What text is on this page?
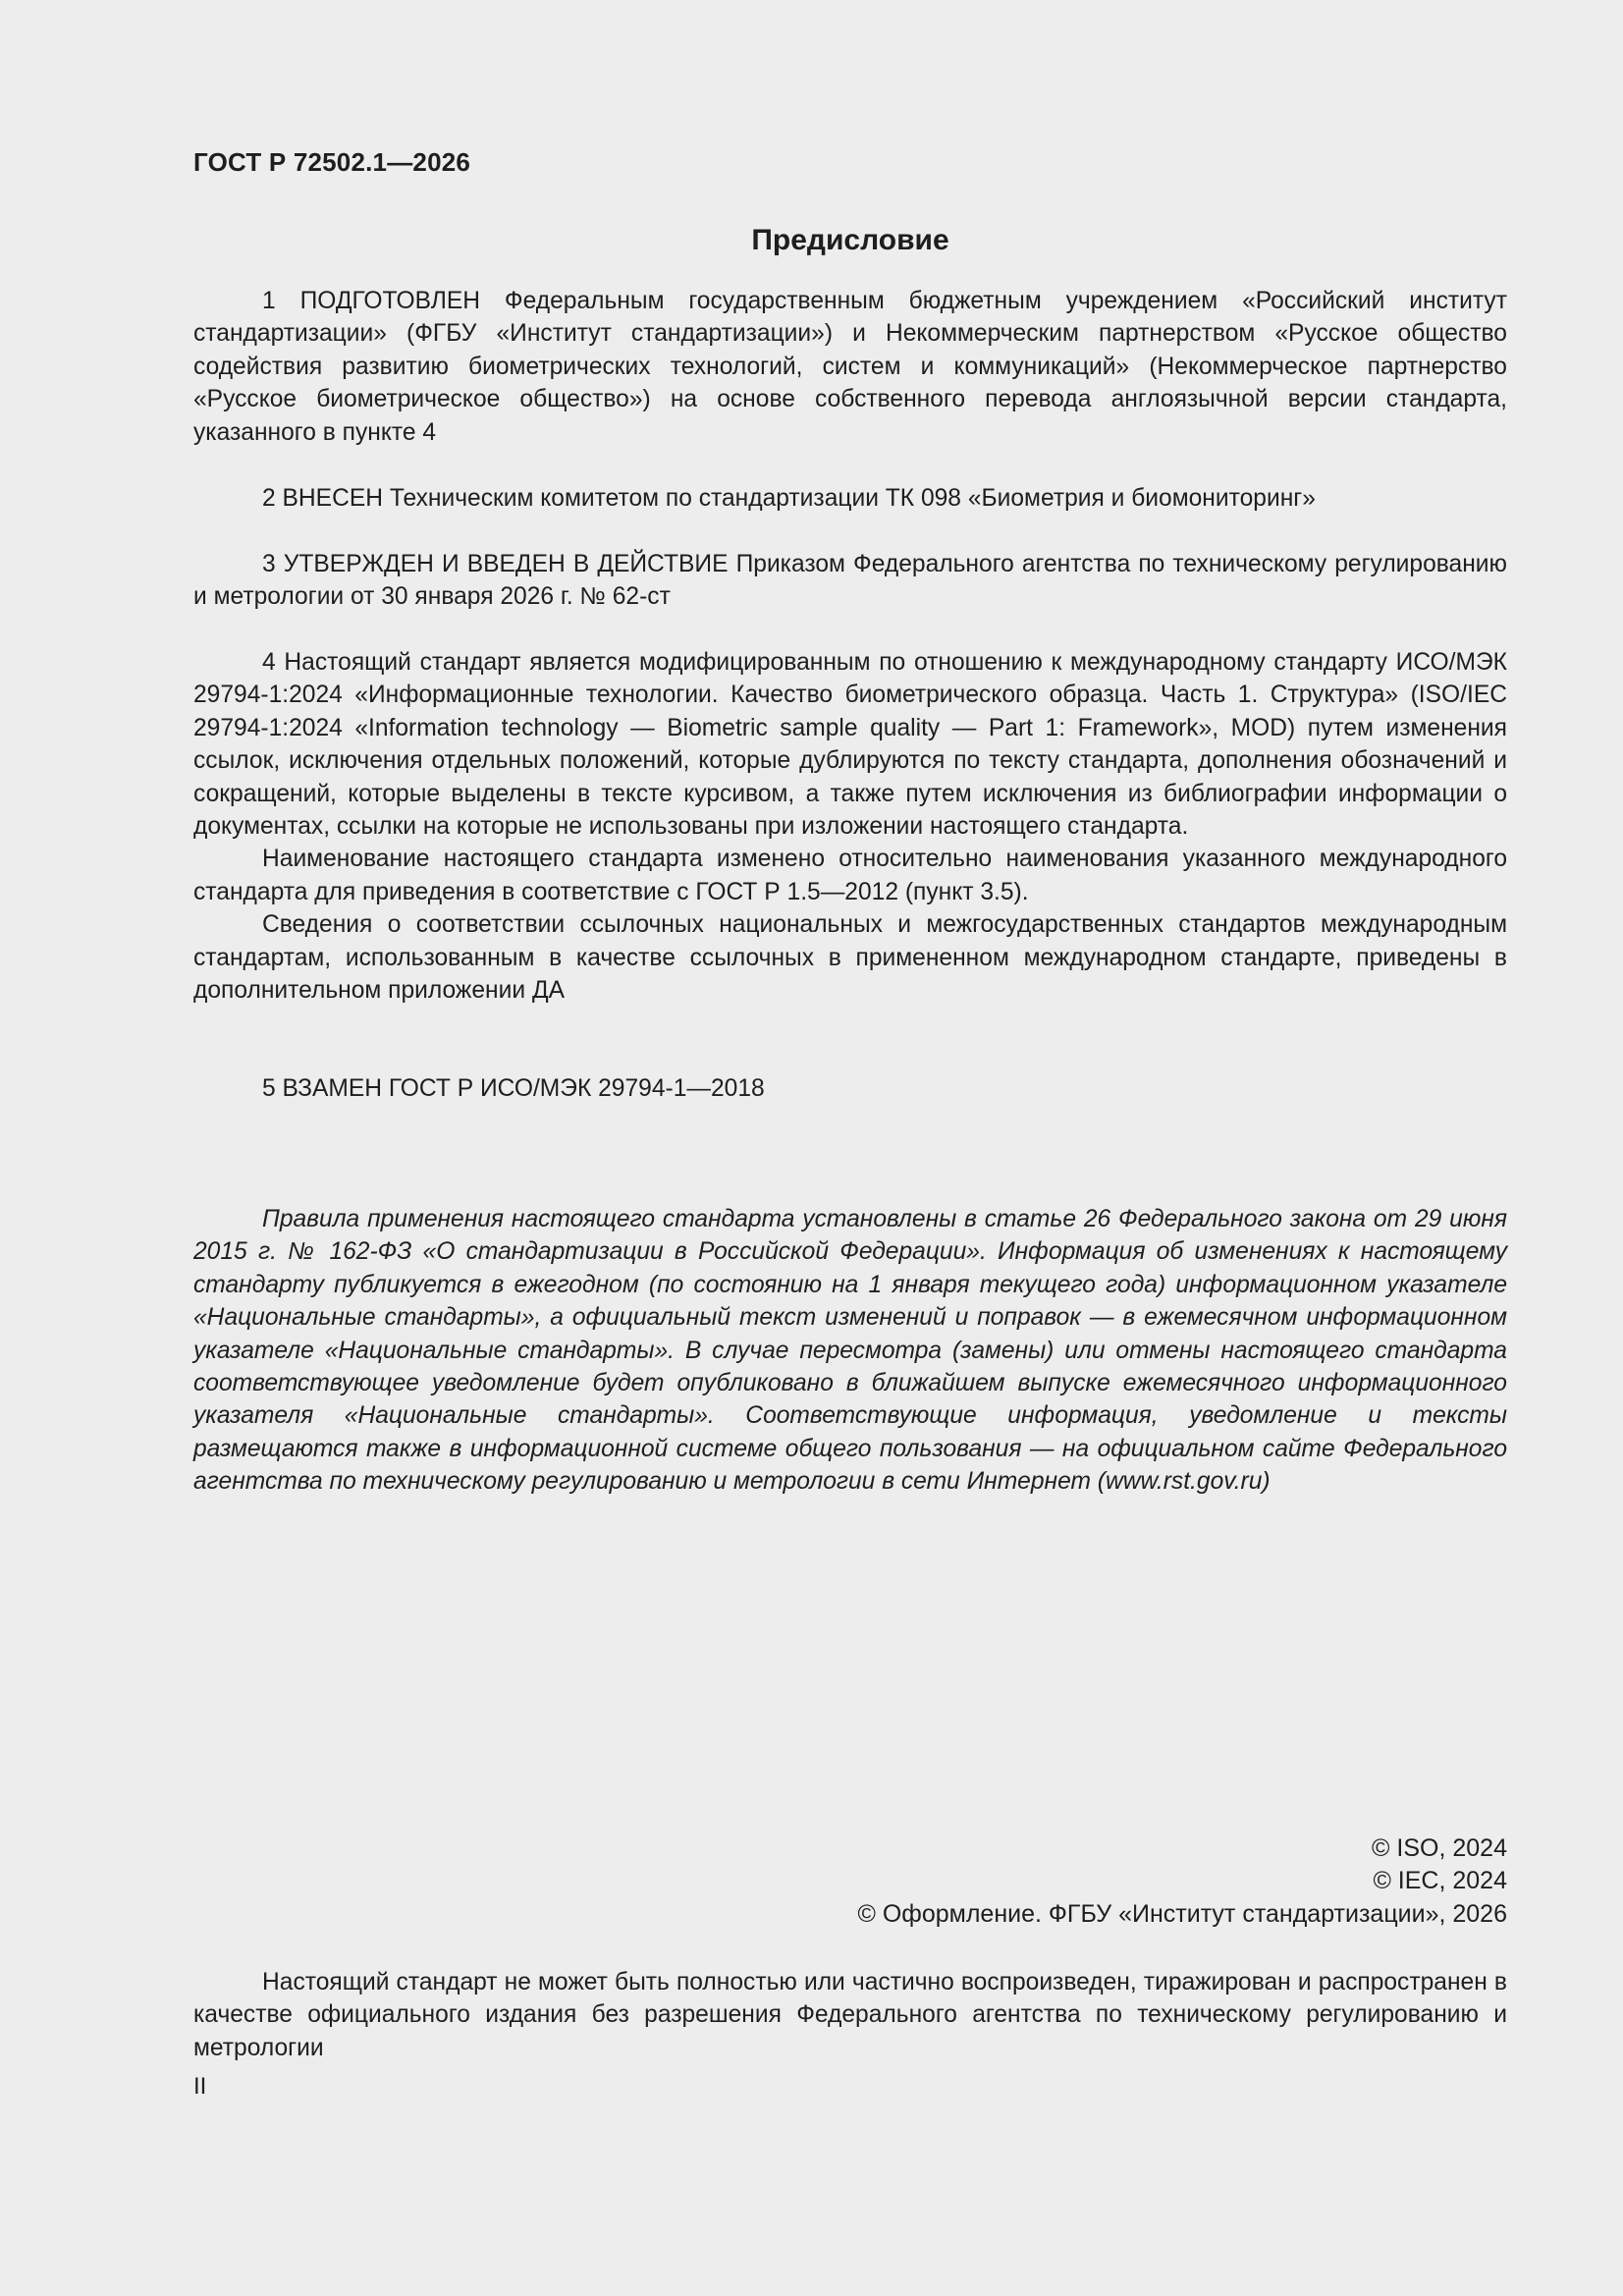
ГОСТ Р 72502.1—2026
Предисловие

1 ПОДГОТОВЛЕН Федеральным государственным бюджетным учреждением «Российский институт стандартизации» (ФГБУ «Институт стандартизации») и Некоммерческим партнерством «Русское общество содействия развитию биометрических технологий, систем и коммуникаций» (Некоммерческое партнерство «Русское биометрическое общество») на основе собственного перевода англоязычной версии стандарта, указанного в пункте 4

2 ВНЕСЕН Техническим комитетом по стандартизации ТК 098 «Биометрия и биомониторинг»

3 УТВЕРЖДЕН И ВВЕДЕН В ДЕЙСТВИЕ Приказом Федерального агентства по техническому регулированию и метрологии от 30 января 2026 г. № 62-ст

4 Настоящий стандарт является модифицированным по отношению к международному стандарту ИСО/МЭК 29794-1:2024 «Информационные технологии. Качество биометрического образца. Часть 1. Структура» (ISO/IEC 29794-1:2024 «Information technology — Biometric sample quality — Part 1: Framework», MOD) путем изменения ссылок, исключения отдельных положений, которые дублируются по тексту стандарта, дополнения обозначений и сокращений, которые выделены в тексте курсивом, а также путем исключения из библиографии информации о документах, ссылки на которые не использованы при изложении настоящего стандарта.

Наименование настоящего стандарта изменено относительно наименования указанного международного стандарта для приведения в соответствие с ГОСТ Р 1.5—2012 (пункт 3.5).

Сведения о соответствии ссылочных национальных и межгосударственных стандартов международным стандартам, использованным в качестве ссылочных в примененном международном стандарте, приведены в дополнительном приложении ДА

5 ВЗАМЕН ГОСТ Р ИСО/МЭК 29794-1—2018

Правила применения настоящего стандарта установлены в статье 26 Федерального закона от 29 июня 2015 г. № 162-ФЗ «О стандартизации в Российской Федерации». Информация об изменениях к настоящему стандарту публикуется в ежегодном (по состоянию на 1 января текущего года) информационном указателе «Национальные стандарты», а официальный текст изменений и поправок — в ежемесячном информационном указателе «Национальные стандарты». В случае пересмотра (замены) или отмены настоящего стандарта соответствующее уведомление будет опубликовано в ближайшем выпуске ежемесячного информационного указателя «Национальные стандарты». Соответствующие информация, уведомление и тексты размещаются также в информационной системе общего пользования — на официальном сайте Федерального агентства по техническому регулированию и метрологии в сети Интернет (www.rst.gov.ru)

© ISO, 2024
© IEC, 2024
© Оформление. ФГБУ «Институт стандартизации», 2026

Настоящий стандарт не может быть полностью или частично воспроизведен, тиражирован и распространен в качестве официального издания без разрешения Федерального агентства по техническому регулированию и метрологии

II
